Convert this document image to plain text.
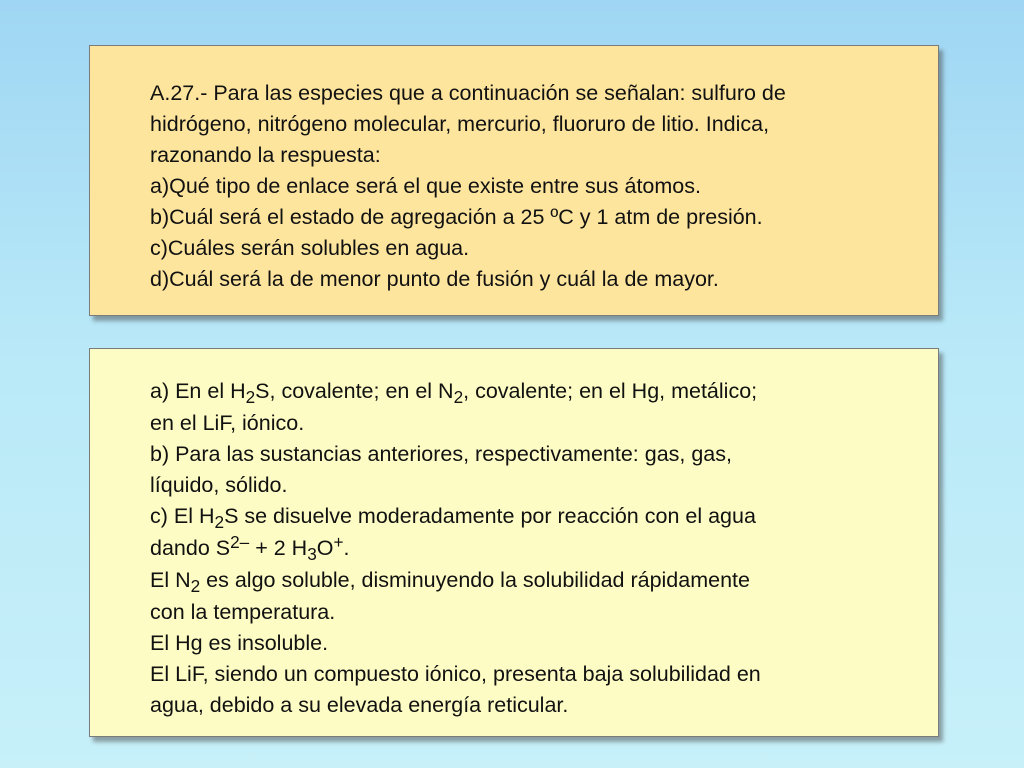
A.27.- Para las especies que a continuación se señalan: sulfuro de
hidrógeno, nitrógeno molecular, mercurio, fluoruro de litio. Indica,
razonando la respuesta:
a)Qué tipo de enlace será el que existe entre sus átomos.
b)Cuál será el estado de agregación a 25 ºC y 1 atm de presión.
c)Cuáles serán solubles en agua.
d)Cuál será la de menor punto de fusión y cuál la de mayor.
a) En el $H_2S$, covalente; en el $N_2$, covalente; en el Hg, metálico;
en el LiF, iónico.
b) Para las sustancias anteriores, respectivamente: gas, gas,
líquido, sólido.
c) El $H_2S$ se disuelve moderadamente por reacción con el agua
dando $S^{2-} + 2$ $H_3O^+$.
El $N_2$ es algo soluble, disminuyendo la solubilidad rápidamente
con la temperatura.
El Hg es insoluble.
El LiF, siendo un compuesto iónico, presenta baja solubilidad en
agua, debido a su elevada energía reticular.
